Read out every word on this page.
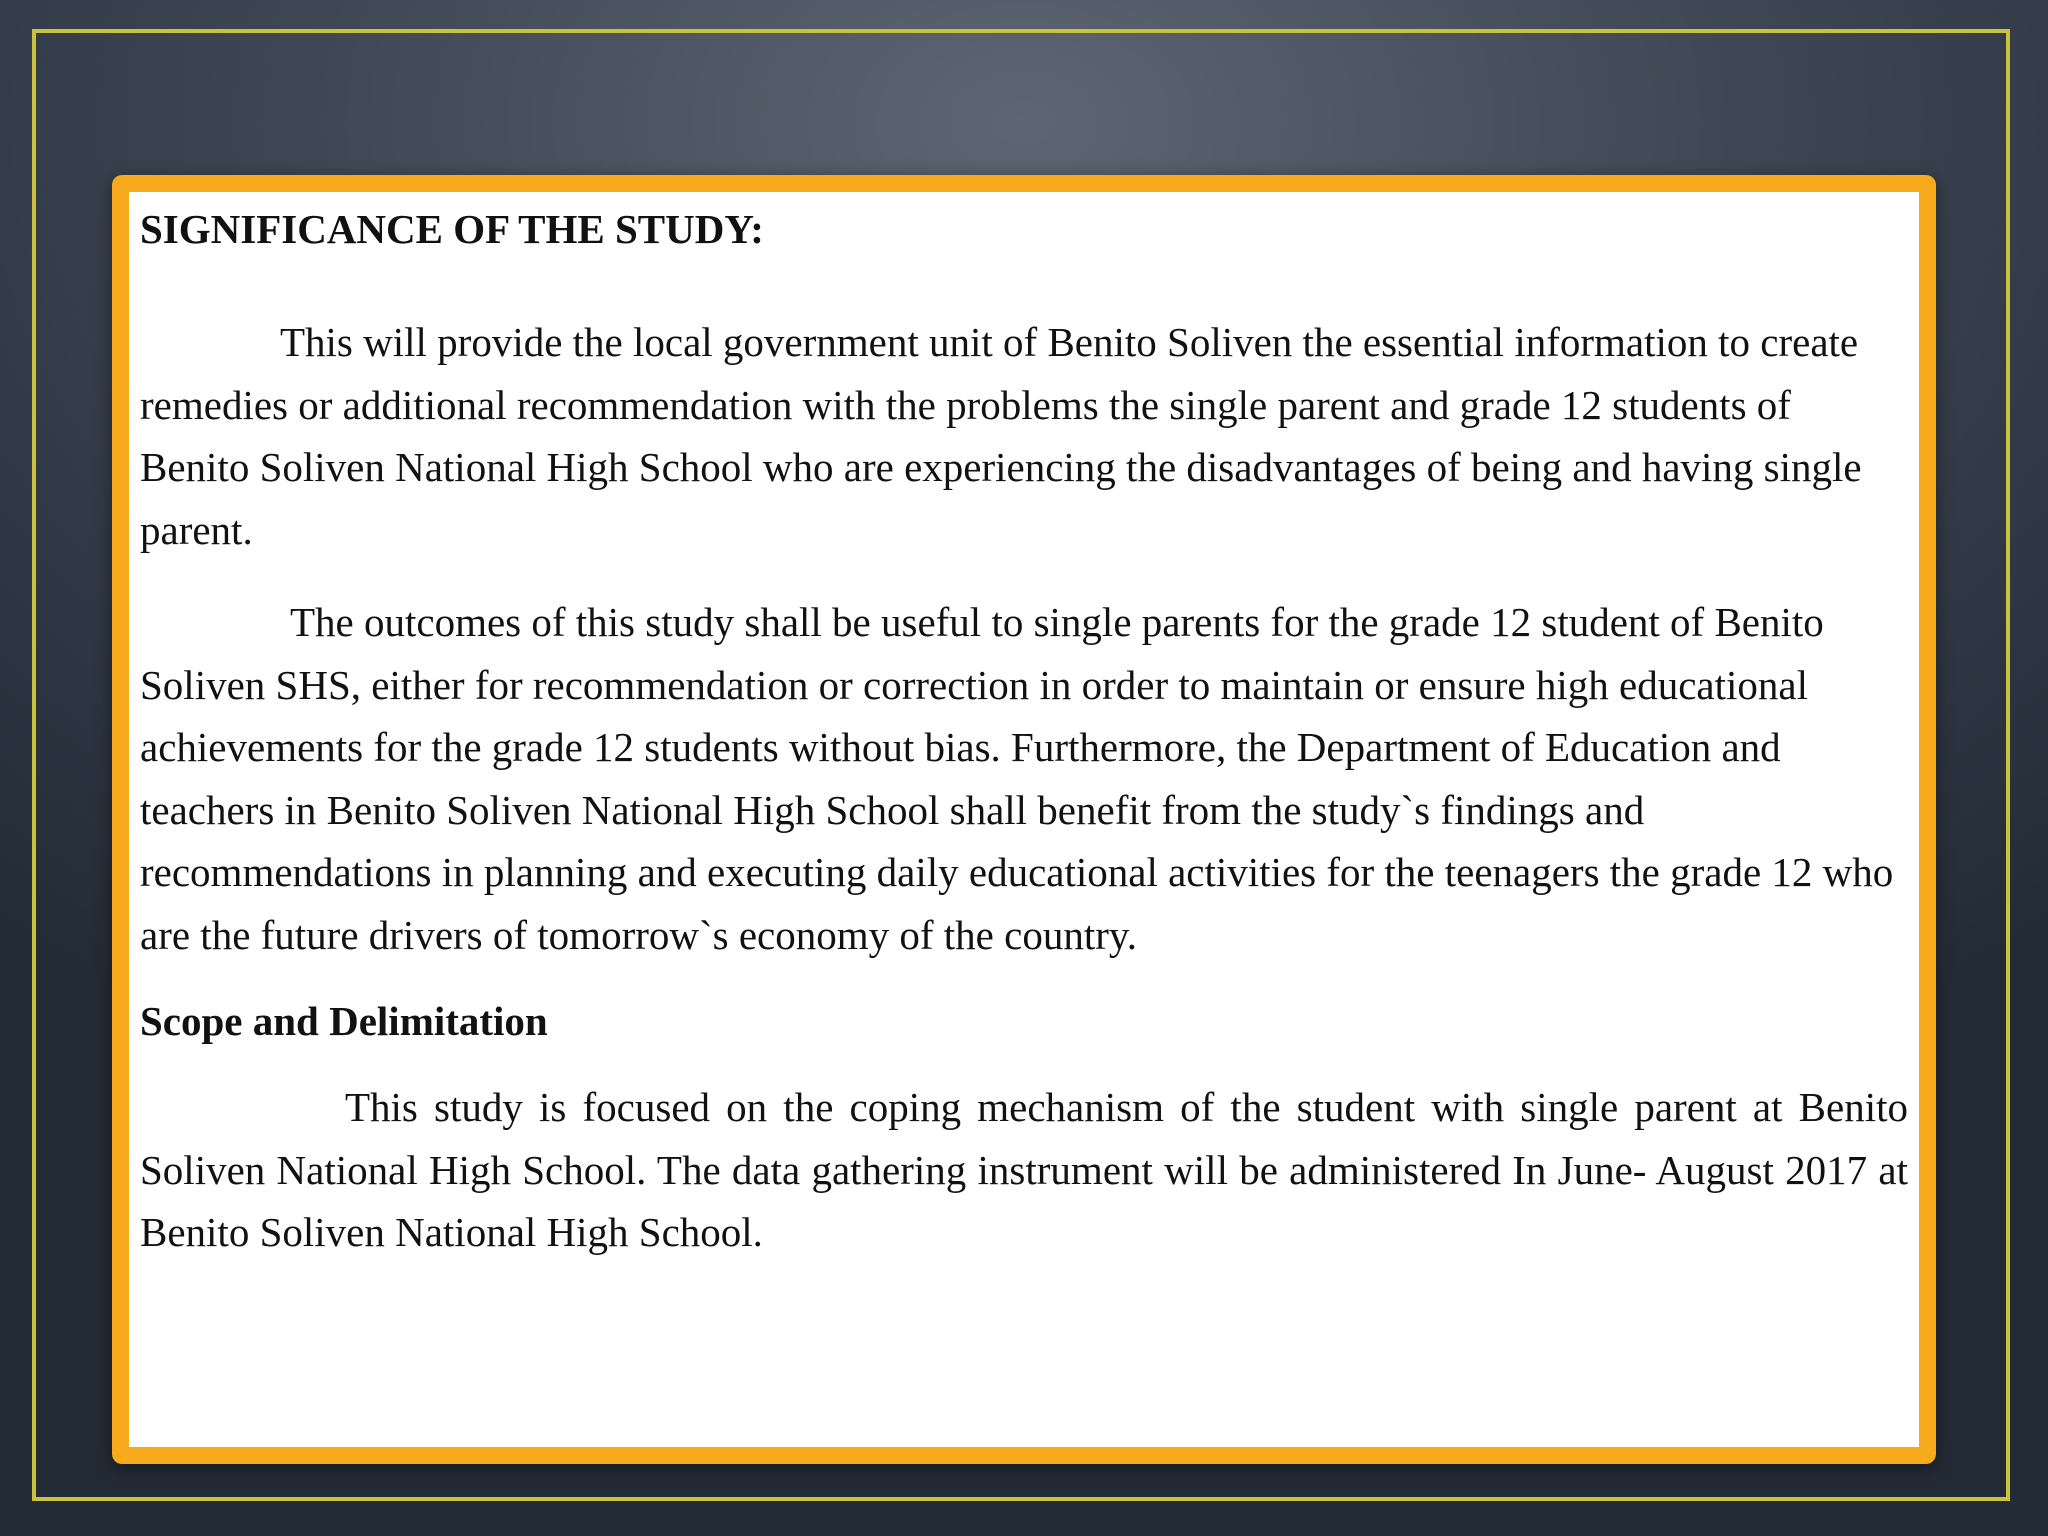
SIGNIFICANCE OF THE STUDY:

This will provide the local government unit of Benito Soliven the essential information to create remedies or additional recommendation with the problems the single parent and grade 12 students of Benito Soliven National High School who are experiencing the disadvantages of being and having single parent.

The outcomes of this study shall be useful to single parents for the grade 12 student of Benito Soliven SHS, either for recommendation or correction in order to maintain or ensure high educational achievements for the grade 12 students without bias. Furthermore, the Department of Education and teachers in Benito Soliven National High School shall benefit from the study`s findings and recommendations in planning and executing daily educational activities for the teenagers the grade 12 who are the future drivers of tomorrow`s economy of the country.

Scope and Delimitation

This study is focused on the coping mechanism of the student with single parent at Benito Soliven National High School. The data gathering instrument will be administered In June- August 2017 at Benito Soliven National High School.
